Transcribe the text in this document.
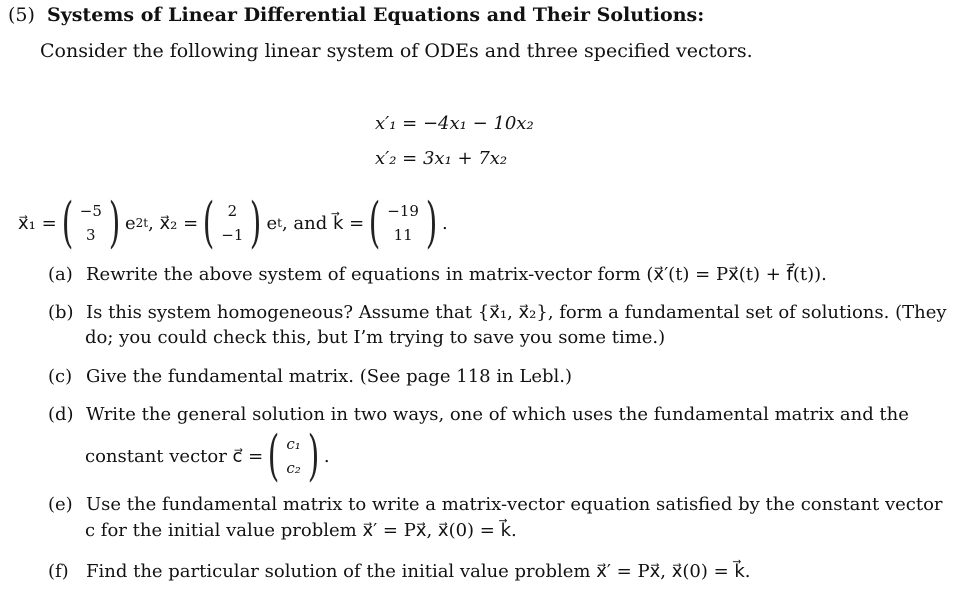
(5) Systems of Linear Differential Equations and Their Solutions:
Consider the following linear system of ODEs and three specified vectors.
x′₁ = −4x₁ − 10x₂
x′₂ = 3x₁ + 7x₂
x⃗₁ = ( −5
3 ) e 2t , x⃗₂ = ( 2
−1 ) e t , and k⃗ = ( −19
11 ) .
(a) Rewrite the above system of equations in matrix-vector form (x⃗′(t) = Px⃗(t) + f⃗(t)).
(b) Is this system homogeneous? Assume that {x⃗₁, x⃗₂}, form a fundamental set of solutions. (They
do; you could check this, but I’m trying to save you some time.)
(c) Give the fundamental matrix. (See page 118 in Lebl.)
(d) Write the general solution in two ways, one of which uses the fundamental matrix and the
constant vector c⃗ = ( c₁
c₂ ) .
(e) Use the fundamental matrix to write a matrix-vector equation satisfied by the constant vector
c for the initial value problem x⃗′ = Px⃗, x⃗(0) = k⃗.
(f) Find the particular solution of the initial value problem x⃗′ = Px⃗, x⃗(0) = k⃗.
